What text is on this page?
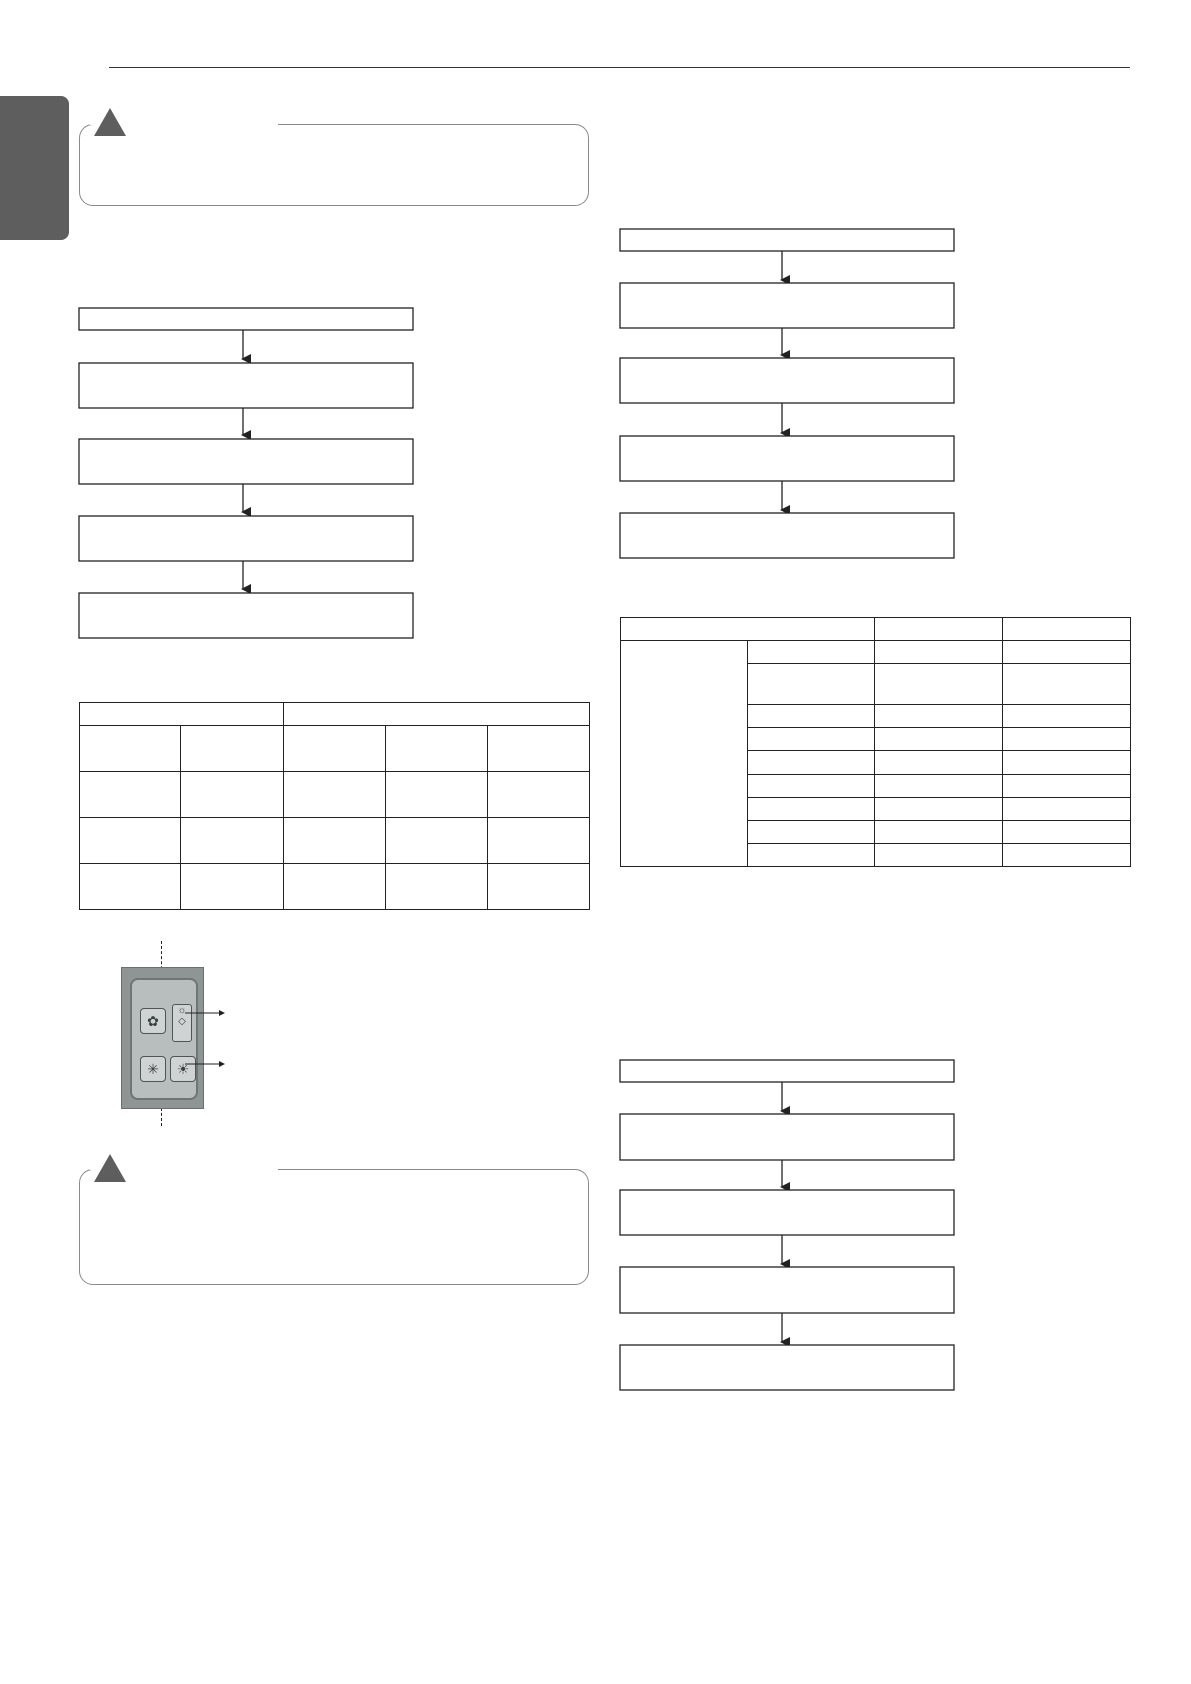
✿
☼
◇
✳	☀
